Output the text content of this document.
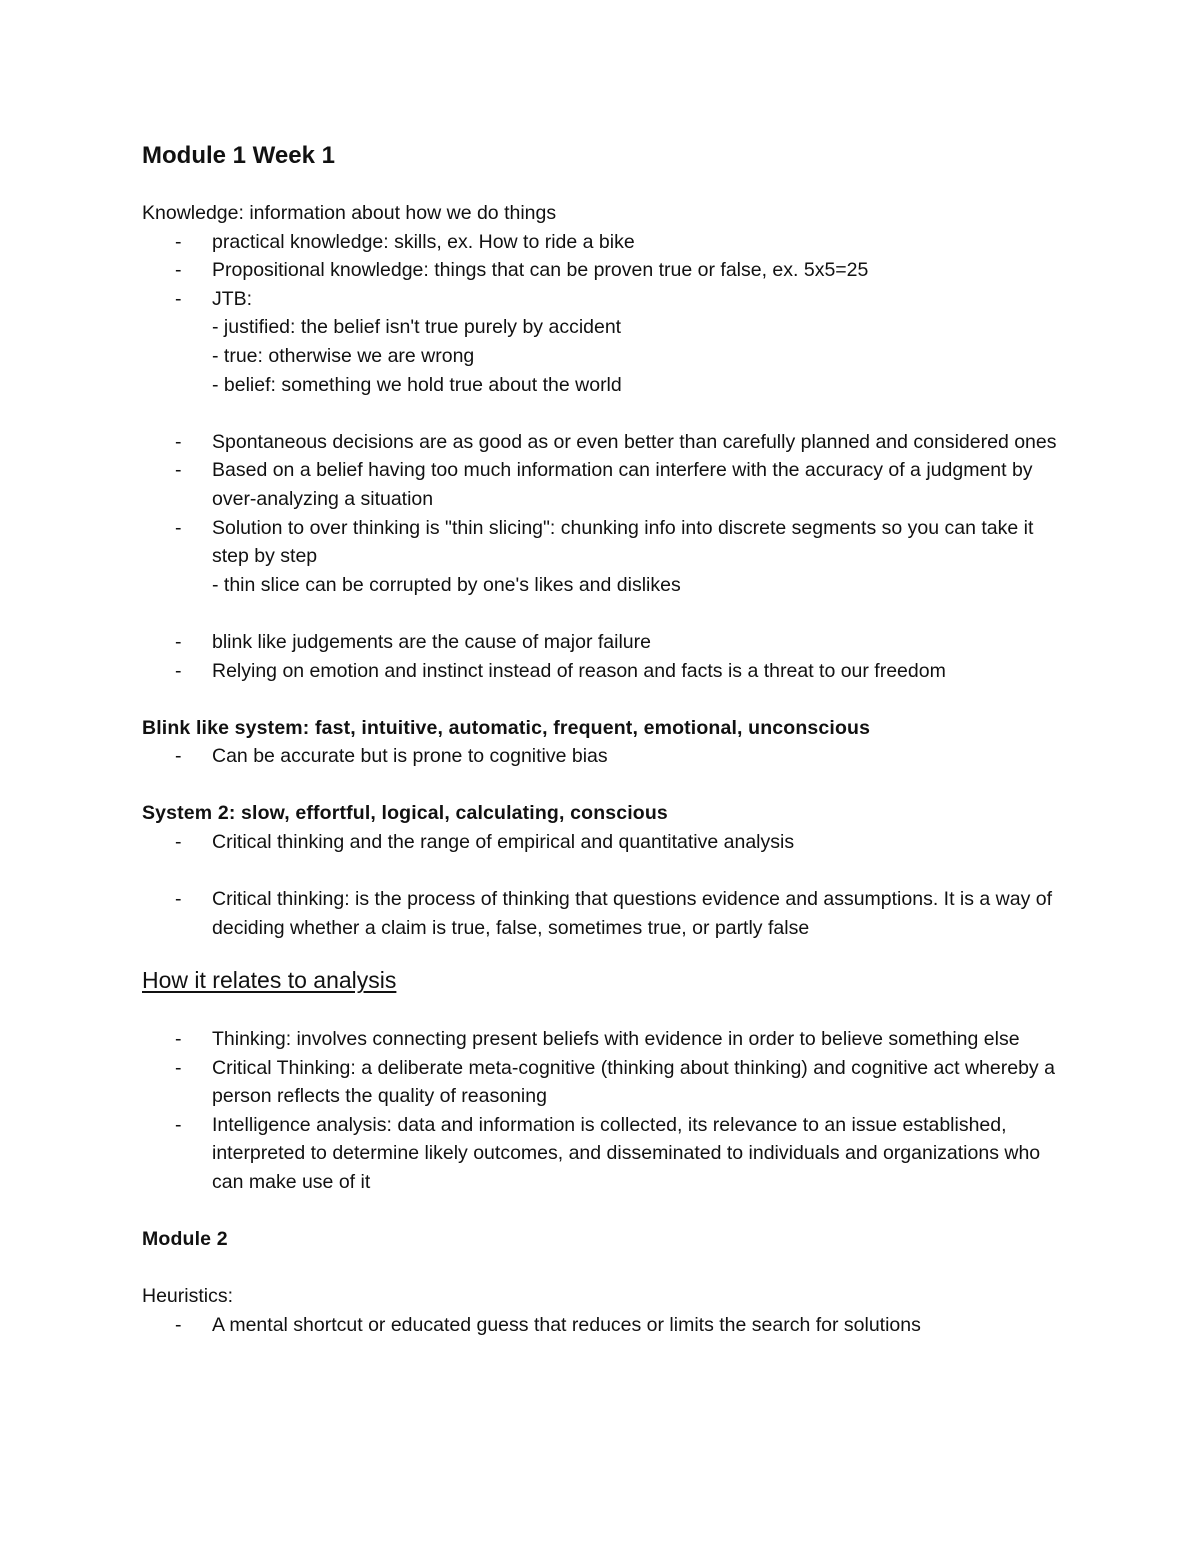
Module 1 Week 1
Knowledge: information about how we do things
- practical knowledge: skills, ex. How to ride a bike
- Propositional knowledge: things that can be proven true or false, ex. 5x5=25
- JTB:
- justified: the belief isn't true purely by accident
- true: otherwise we are wrong
- belief: something we hold true about the world
- Spontaneous decisions are as good as or even better than carefully planned and considered ones
- Based on a belief having too much information can interfere with the accuracy of a judgment by over-analyzing a situation
- Solution to over thinking is "thin slicing": chunking info into discrete segments so you can take it step by step
- thin slice can be corrupted by one's likes and dislikes
- blink like judgements are the cause of major failure
- Relying on emotion and instinct instead of reason and facts is a threat to our freedom
Blink like system: fast, intuitive, automatic, frequent, emotional, unconscious
- Can be accurate but is prone to cognitive bias
System 2: slow, effortful, logical, calculating, conscious
- Critical thinking and the range of empirical and quantitative analysis
- Critical thinking: is the process of thinking that questions evidence and assumptions. It is a way of deciding whether a claim is true, false, sometimes true, or partly false
How it relates to analysis
- Thinking: involves connecting present beliefs with evidence in order to believe something else
- Critical Thinking: a deliberate meta-cognitive (thinking about thinking) and cognitive act whereby a person reflects the quality of reasoning
- Intelligence analysis: data and information is collected, its relevance to an issue established, interpreted to determine likely outcomes, and disseminated to individuals and organizations who can make use of it
Module 2
Heuristics:
- A mental shortcut or educated guess that reduces or limits the search for solutions
